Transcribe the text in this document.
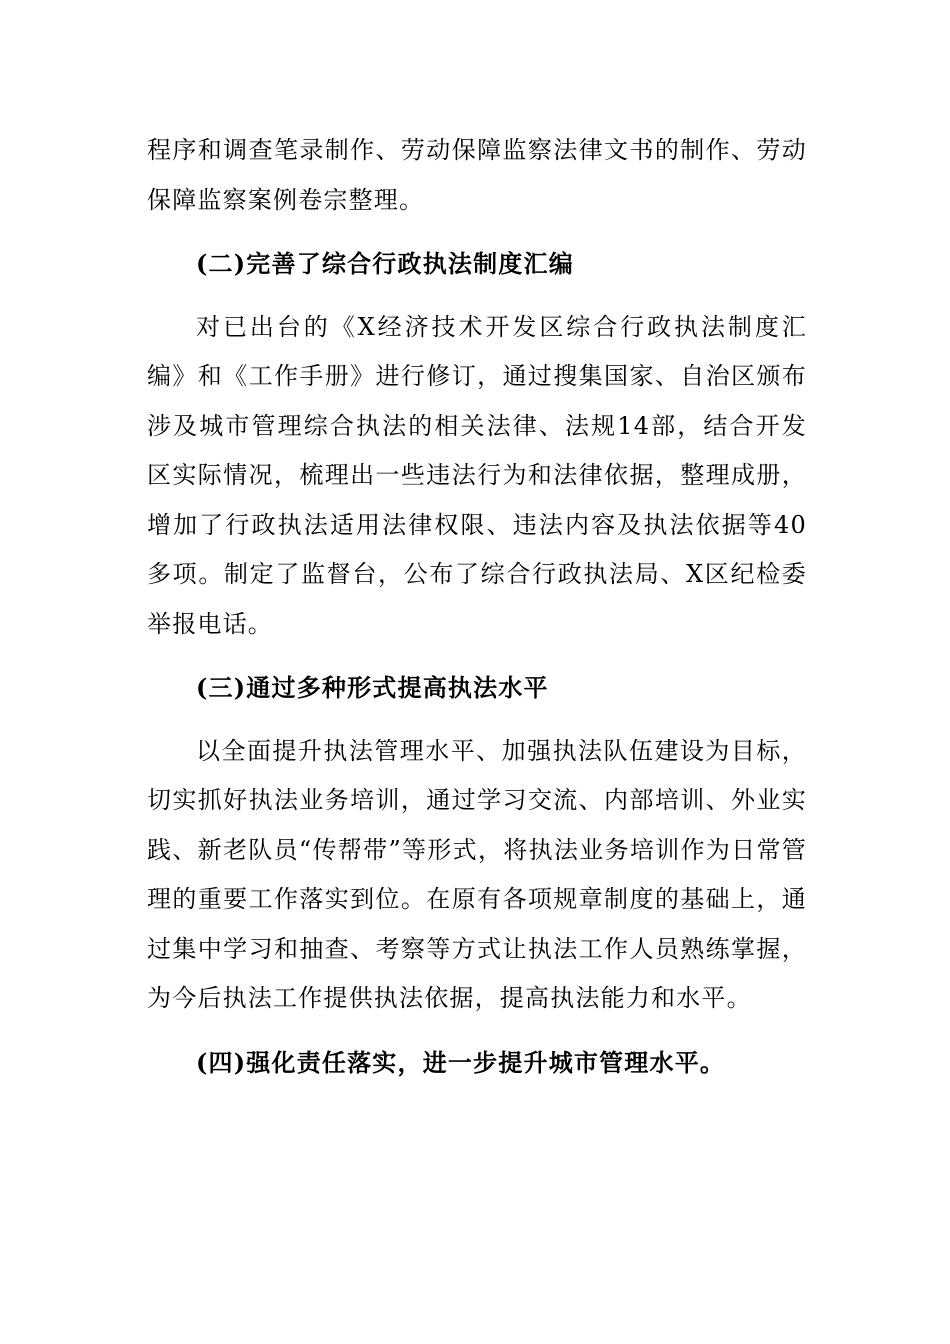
程序和调查笔录制作、劳动保障监察法律文书的制作、劳动保障监察案例卷宗整理。

(二)完善了综合行政执法制度汇编

对已出台的《X经济技术开发区综合行政执法制度汇编》和《工作手册》进行修订，通过搜集国家、自治区颁布涉及城市管理综合执法的相关法律、法规14部，结合开发区实际情况，梳理出一些违法行为和法律依据，整理成册，增加了行政执法适用法律权限、违法内容及执法依据等40多项。制定了监督台，公布了综合行政执法局、X区纪检委举报电话。

(三)通过多种形式提高执法水平

以全面提升执法管理水平、加强执法队伍建设为目标，切实抓好执法业务培训，通过学习交流、内部培训、外业实践、新老队员“传帮带”等形式，将执法业务培训作为日常管理的重要工作落实到位。在原有各项规章制度的基础上，通过集中学习和抽查、考察等方式让执法工作人员熟练掌握，为今后执法工作提供执法依据，提高执法能力和水平。

(四)强化责任落实，进一步提升城市管理水平。
